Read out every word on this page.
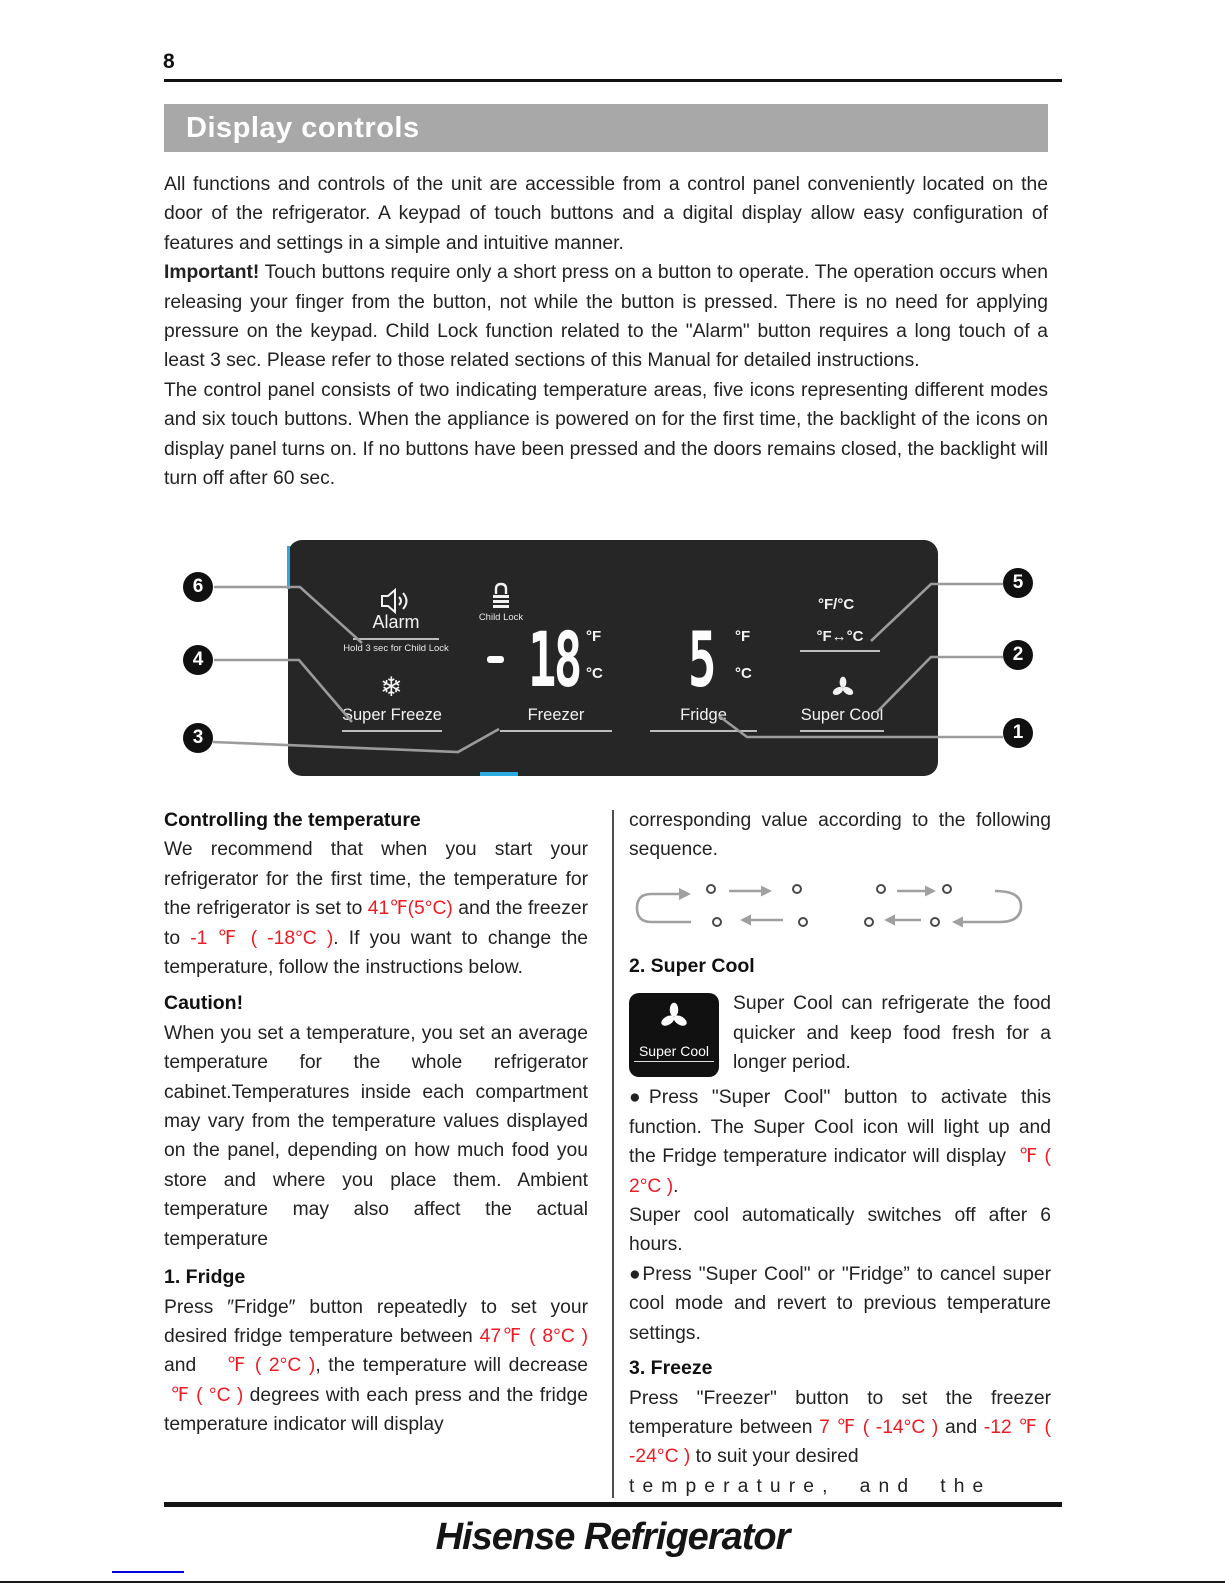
8
Display controls

All functions and controls of the unit are accessible from a control panel conveniently located on the door of the refrigerator. A keypad of touch buttons and a digital display allow easy configuration of features and settings in a simple and intuitive manner.

Important! Touch buttons require only a short press on a button to operate. The operation occurs when releasing your finger from the button, not while the button is pressed. There is no need for applying pressure on the keypad. Child Lock function related to the "Alarm" button requires a long touch of a least 3 sec. Please refer to those related sections of this Manual for detailed instructions.

The control panel consists of two indicating temperature areas, five icons representing different modes and six touch buttons. When the appliance is powered on for the first time, the backlight of the icons on display panel turns on. If no buttons have been pressed and the doors remains closed, the backlight will turn off after 60 sec.

Alarm
Hold 3 sec for Child Lock
Child Lock 18 °F
°C 5 °F
°C
°F/°C
°F↔°C
❄
Super Freeze	Freezer	Fridge	Super Cool
6
4
3
5
2
1

Controlling the temperature

We recommend that when you start your refrigerator for the first time, the temperature for the refrigerator is set to 41℉(5°C) and the freezer to -1 ℉ ( -18°C ). If you want to change the temperature, follow the instructions below.

Caution!

When you set a temperature, you set an average temperature for the whole refrigerator cabinet.Temperatures inside each compartment may vary from the temperature values displayed on the panel, depending on how much food you store and where you place them. Ambient temperature may also affect the actual temperature

1. Fridge

Press ″Fridge″ button repeatedly to set your desired fridge temperature between 47℉ ( 8°C ) and    ℉ ( 2°C ), the temperature will decrease  ℉ ( °C ) degrees with each press and the fridge temperature indicator will display

corresponding value according to the following sequence.

2. Super Cool

Super Cool

Super Cool can refrigerate the food quicker and keep food fresh for a longer period.

●Press "Super Cool" button to activate this function. The Super Cool icon will light up and the Fridge temperature indicator will display  ℉ ( 2°C ).

Super cool automatically switches off after 6 hours.

●Press "Super Cool" or "Fridge” to cancel super cool mode and revert to previous temperature settings.

3. Freeze

Press "Freezer" button to set the freezer temperature between 7 ℉ ( -14°C ) and -12 ℉ ( -24°C ) to suit your desired
temperature, and the

Hisense Refrigerator
